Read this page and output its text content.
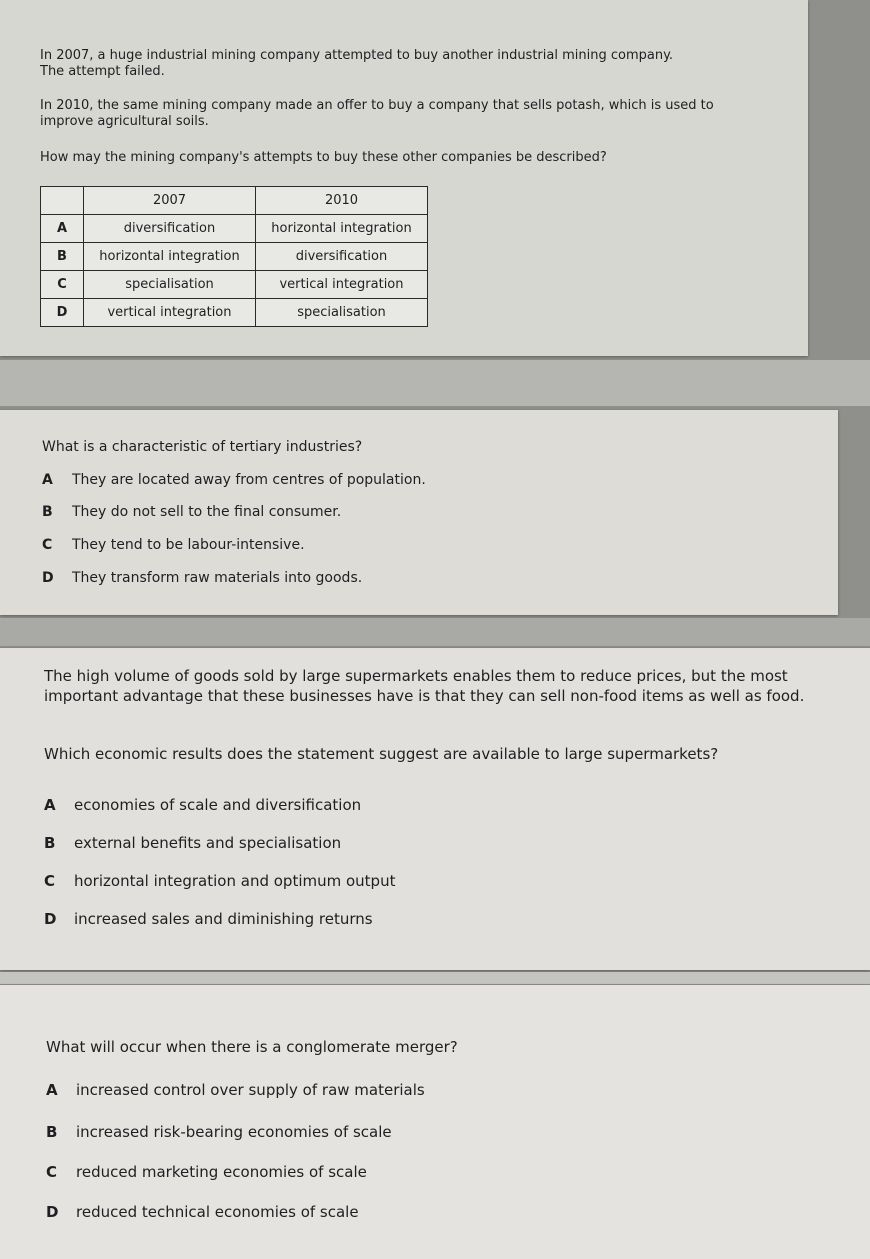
In 2007, a huge industrial mining company attempted to buy another industrial mining company.

The attempt failed.

In 2010, the same mining company made an offer to buy a company that sells potash, which is used to improve agricultural soils.

How may the mining company's attempts to buy these other companies be described?

	2007	2010
A	diversification	horizontal integration
B	horizontal integration	diversification
C	specialisation	vertical integration
D	vertical integration	specialisation

What is a characteristic of tertiary industries?

A They are located away from centres of population.
B They do not sell to the final consumer.
C They tend to be labour-intensive.
D They transform raw materials into goods.

The high volume of goods sold by large supermarkets enables them to reduce prices, but the most important advantage that these businesses have is that they can sell non-food items as well as food.

Which economic results does the statement suggest are available to large supermarkets?

A economies of scale and diversification
B external benefits and specialisation
C horizontal integration and optimum output
D increased sales and diminishing returns

What will occur when there is a conglomerate merger?

A increased control over supply of raw materials
B increased risk-bearing economies of scale
C reduced marketing economies of scale
D reduced technical economies of scale
